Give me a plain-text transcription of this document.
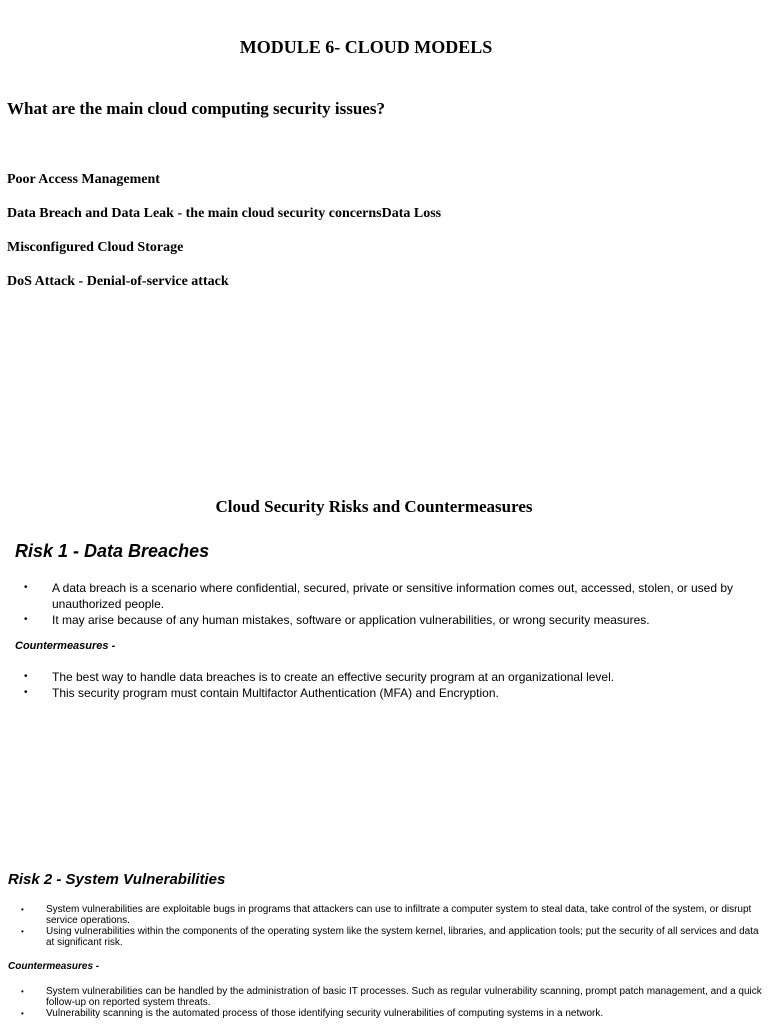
MODULE 6- CLOUD MODELS
What are the main cloud computing security issues?
Poor Access Management
Data Breach and Data Leak - the main cloud security concernsData Loss
Misconfigured Cloud Storage
DoS Attack - Denial-of-service attack
Cloud Security Risks and Countermeasures
Risk 1 - Data Breaches
• A data breach is a scenario where confidential, secured, private or sensitive information comes out, accessed, stolen, or used by unauthorized people.
• It may arise because of any human mistakes, software or application vulnerabilities, or wrong security measures.
Countermeasures -
• The best way to handle data breaches is to create an effective security program at an organizational level.
• This security program must contain Multifactor Authentication (MFA) and Encryption.
Risk 2 - System Vulnerabilities
• System vulnerabilities are exploitable bugs in programs that attackers can use to infiltrate a computer system to steal data, take control of the system, or disrupt service operations.
• Using vulnerabilities within the components of the operating system like the system kernel, libraries, and application tools; put the security of all services and data at significant risk.
Countermeasures -
• System vulnerabilities can be handled by the administration of basic IT processes. Such as regular vulnerability scanning, prompt patch management, and a quick follow-up on reported system threats.
• Vulnerability scanning is the automated process of those identifying security vulnerabilities of computing systems in a network.
